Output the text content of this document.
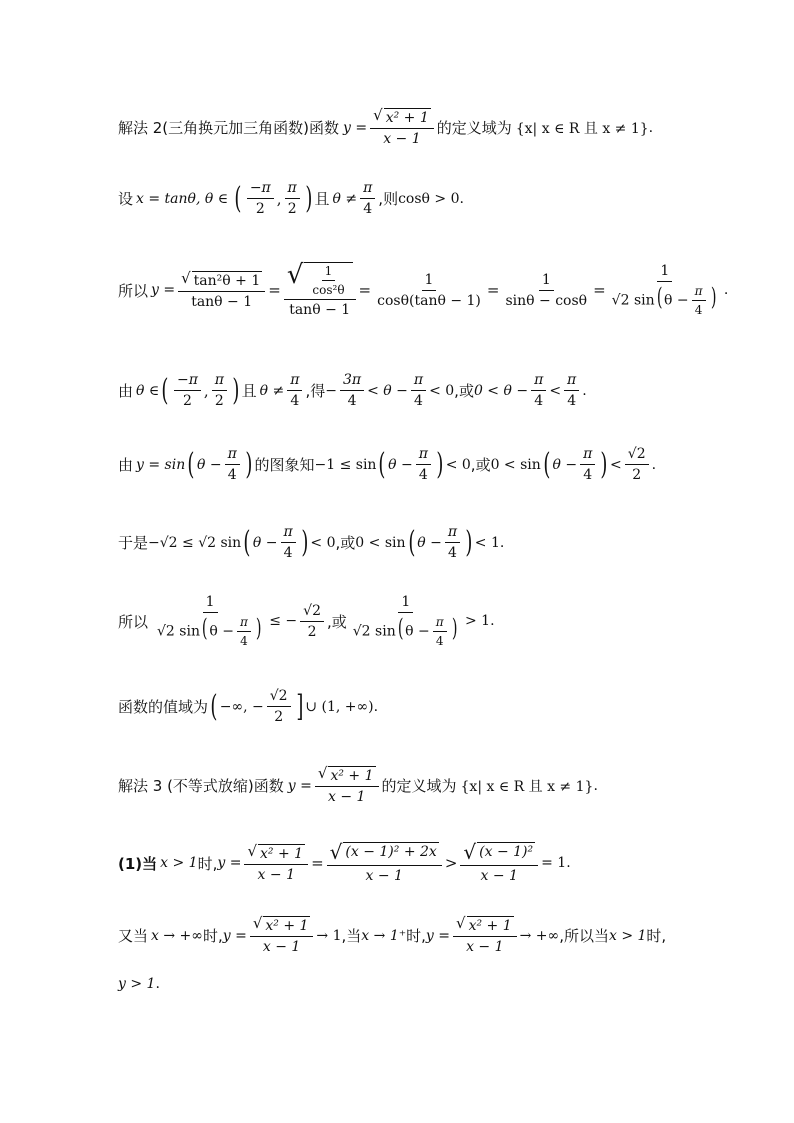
解法 2(三角换元加三角函数)函数 $y = \frac{\text{√ x² + 1}}{x - 1}$ 的定义域为 {x| x ∈ R 且 x ≠ 1} .
设 x = tanθ, θ ∈ ( $\frac{-\pi}{2}$ , $\frac{\pi}{2}$ ) 且 $\theta \ne \frac{\pi}{4}$ ,则 cosθ > 0 .
所以 $y = \frac{\text{√ tan²θ + 1}}{\tan\theta - 1} = \frac{√ \frac{1}{\text{cos²θ}}}{\tan\theta - 1} = \frac{1}{\cos\theta(\tan\theta - 1)} = \frac{1}{\sin\theta - \cos\theta} = \frac{1}{√2 \sin( \theta - \frac{\pi}{4} )}$ .
由 θ ∈ ( $\frac{-\pi}{2}$ , $\frac{\pi}{2}$ ) 且 $\theta \ne \frac{\pi}{4}$ ,得 − $\frac{3\pi}{4} < \theta - \frac{\pi}{4} < 0$ ,或 $0 < \theta - \frac{\pi}{4} < \frac{\pi}{4}$ .
由 y = sin ( $\theta - \frac{\pi}{4}$ ) 的图象知 −1 ≤ sin ( $\theta - \frac{\pi}{4}$ ) < 0 ,或 0 < sin ( $\theta - \frac{\pi}{4}$ ) < $\frac{√2}{2}$ .
于是 −√2 ≤ √2 sin ( $\theta - \frac{\pi}{4}$ ) < 0 ,或 0 < sin ( $\theta - \frac{\pi}{4}$ ) < 1 .
所以 $\frac{1}{√2 \sin( \theta - \frac{\pi}{4} )}$ ≤ − $\frac{√2}{2}$ ,或 $\frac{1}{√2 \sin( \theta - \frac{\pi}{4} )} > 1$ .
函数的值域为 ( −∞, − $\frac{√2}{2}$ ] ∪ (1, +∞) .
解法 3 (不等式放缩)函数 $y = \frac{\text{√ x² + 1}}{x - 1}$ 的定义域为 {x| x ∈ R 且 x ≠ 1} .
(1)当 x > 1 时, $y = \frac{\text{√ x² + 1}}{x - 1} = \frac{\text{√ (x − 1)² + 2x}}{x - 1} > \frac{\text{√ (x − 1)²}}{x - 1} = 1$ .
又当 x → +∞ 时, $y = \frac{\text{√ x² + 1}}{x - 1} \to 1$ ,当 x → 1⁺ 时, $y = \frac{\text{√ x² + 1}}{x - 1}$ → +∞ ,所以当 x > 1 时,
y > 1 .
